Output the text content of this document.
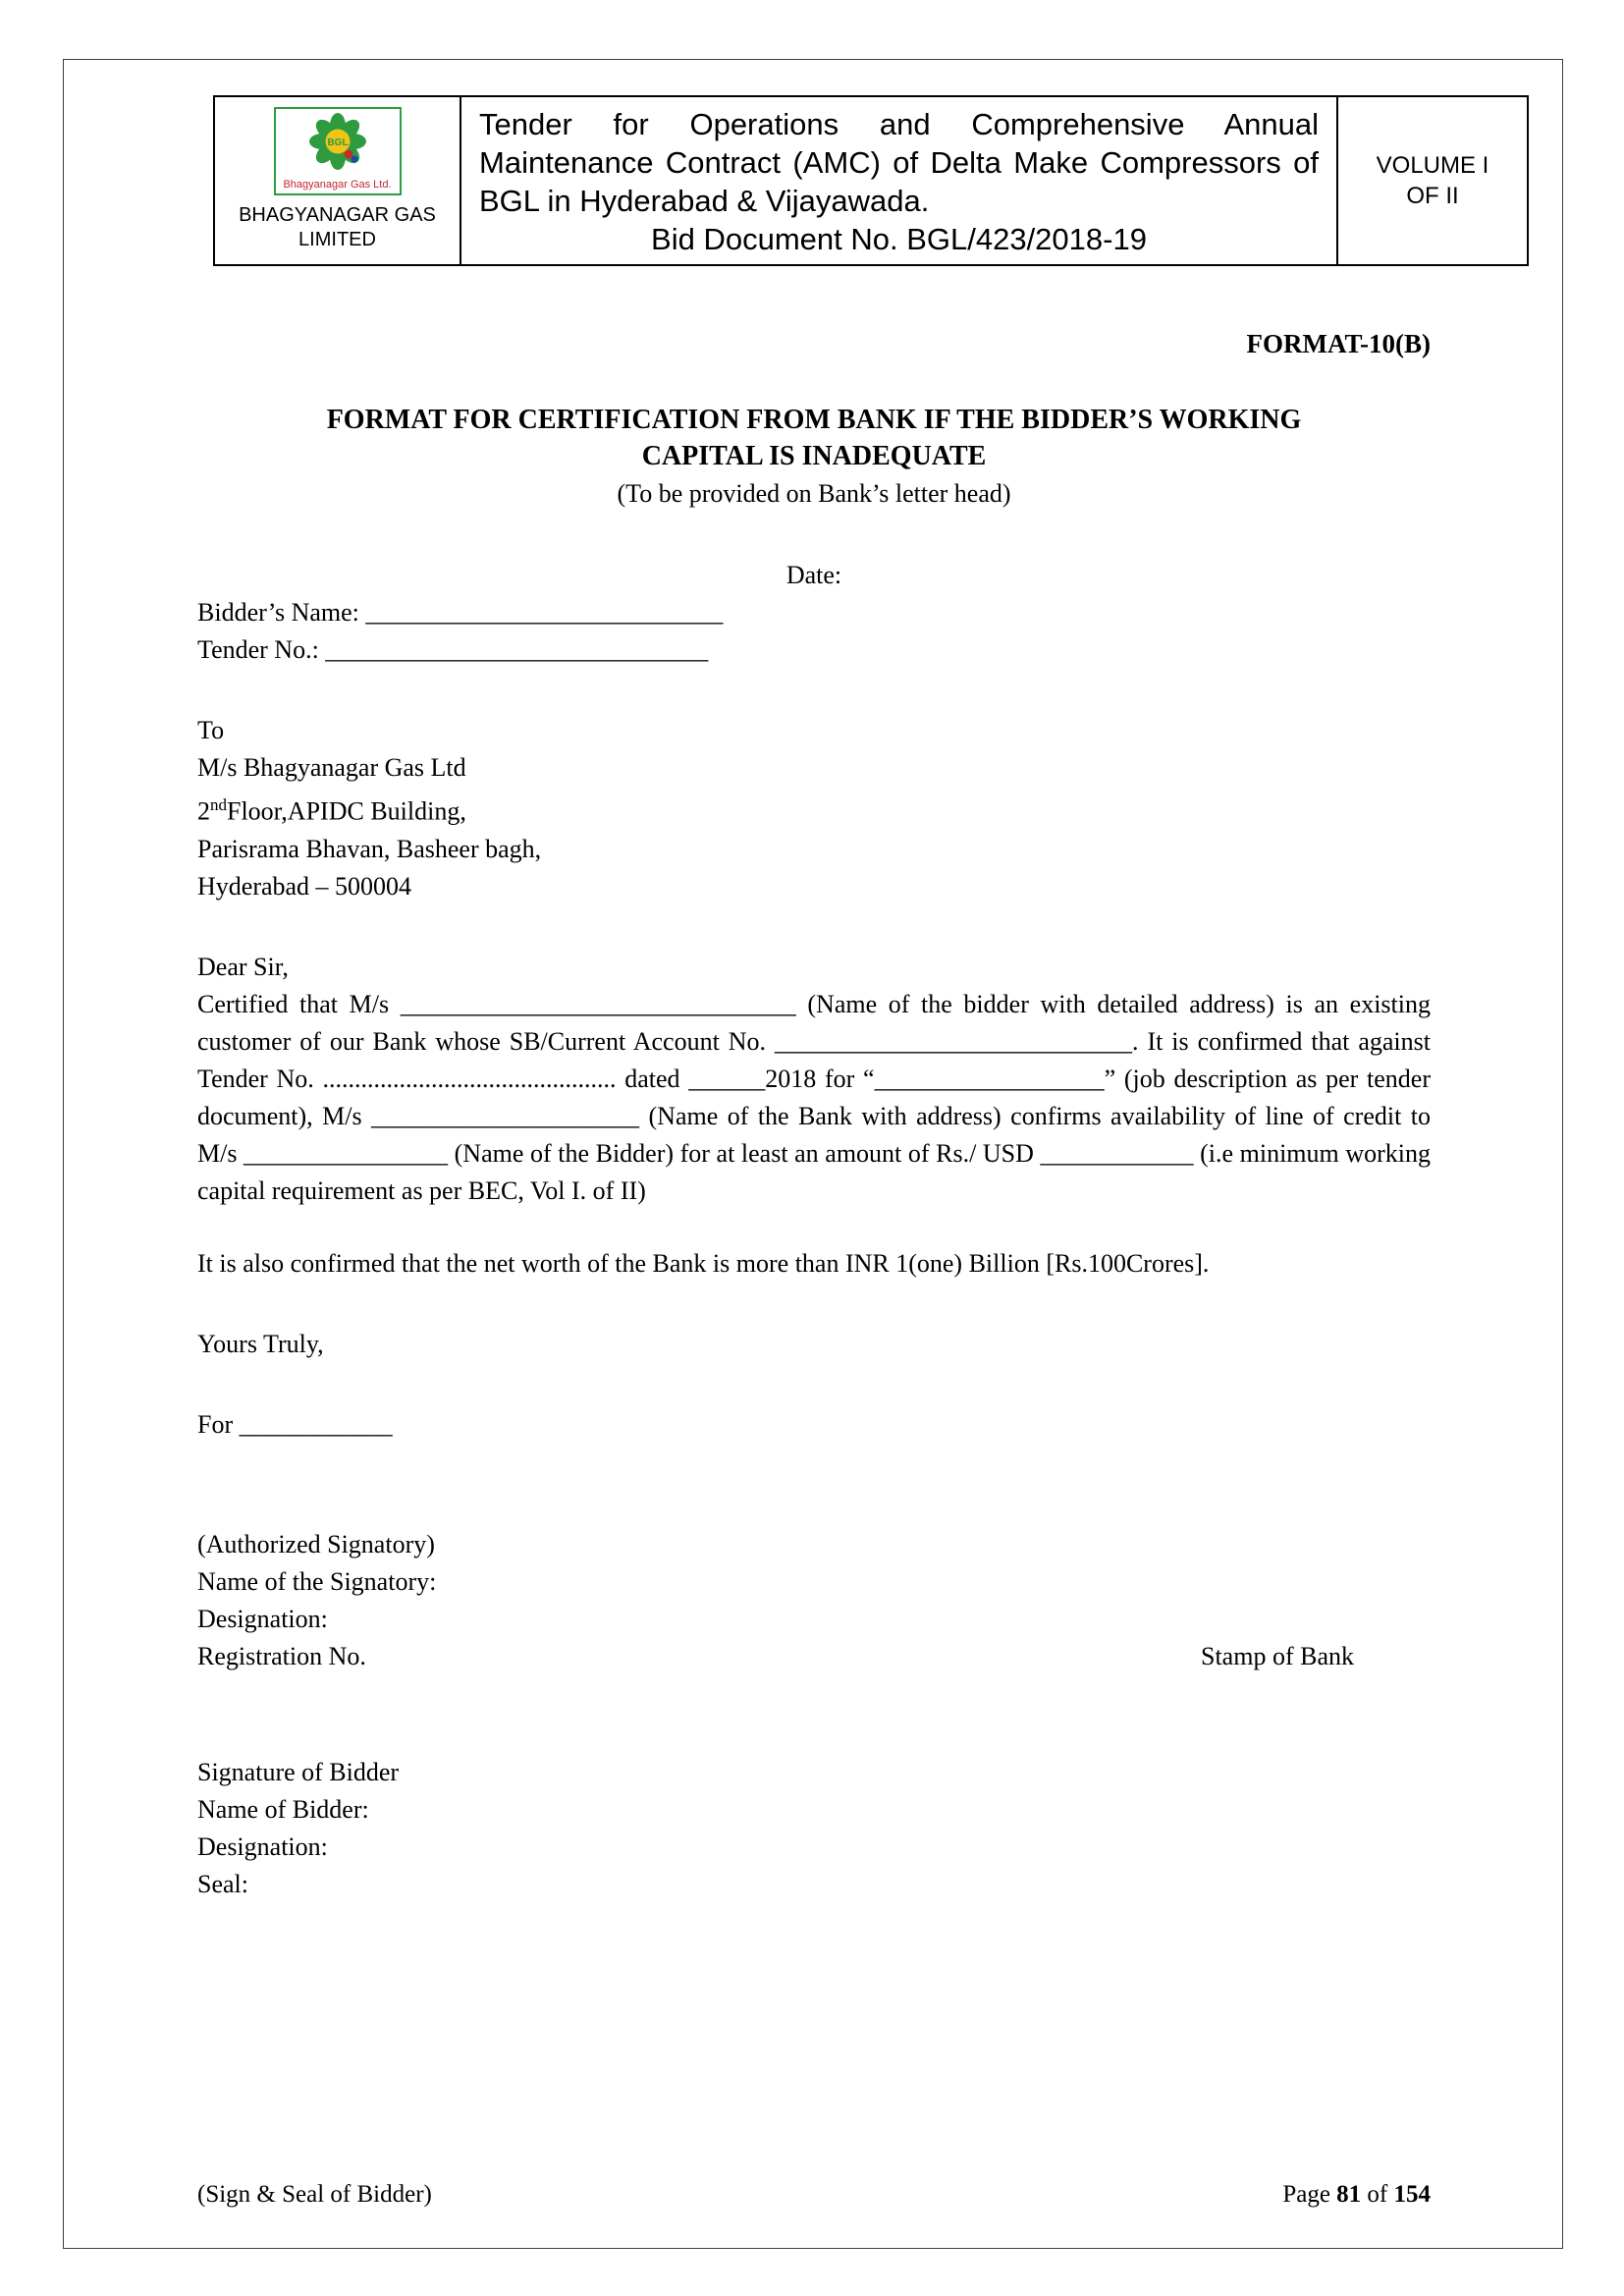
BGL
Bhagyanagar Gas Ltd.
BHAGYANAGAR GAS
LIMITED

Tender for Operations and Comprehensive Annual Maintenance Contract (AMC) of Delta Make Compressors of BGL in Hyderabad & Vijayawada.
Bid Document No. BGL/423/2018-19

VOLUME I
OF II
FORMAT-10(B)
FORMAT FOR CERTIFICATION FROM BANK IF THE BIDDER’S WORKING
CAPITAL IS INADEQUATE
(To be provided on Bank’s letter head)
Date:
Bidder’s Name: ____________________________
Tender No.: ______________________________
To
M/s Bhagyanagar Gas Ltd
2ndFloor,APIDC Building,
Parisrama Bhavan, Basheer bagh,
Hyderabad – 500004
Dear Sir,
Certified that M/s _______________________________ (Name of the bidder with detailed address) is an existing customer of our Bank whose SB/Current Account No. ____________________________. It is confirmed that against Tender No. .............................................. dated ______2018 for “__________________” (job description as per tender document), M/s _____________________ (Name of the Bank with address) confirms availability of line of credit to M/s ________________ (Name of the Bidder) for at least an amount of Rs./ USD ____________ (i.e minimum working capital requirement as per BEC, Vol I. of II)
It is also confirmed that the net worth of the Bank is more than INR 1(one) Billion [Rs.100Crores].
Yours Truly,
For ____________
(Authorized Signatory)
Name of the Signatory:
Designation:
Registration No.	Stamp of Bank
Signature of Bidder
Name of Bidder:
Designation:
Seal:
(Sign & Seal of Bidder)	Page 81 of 154
